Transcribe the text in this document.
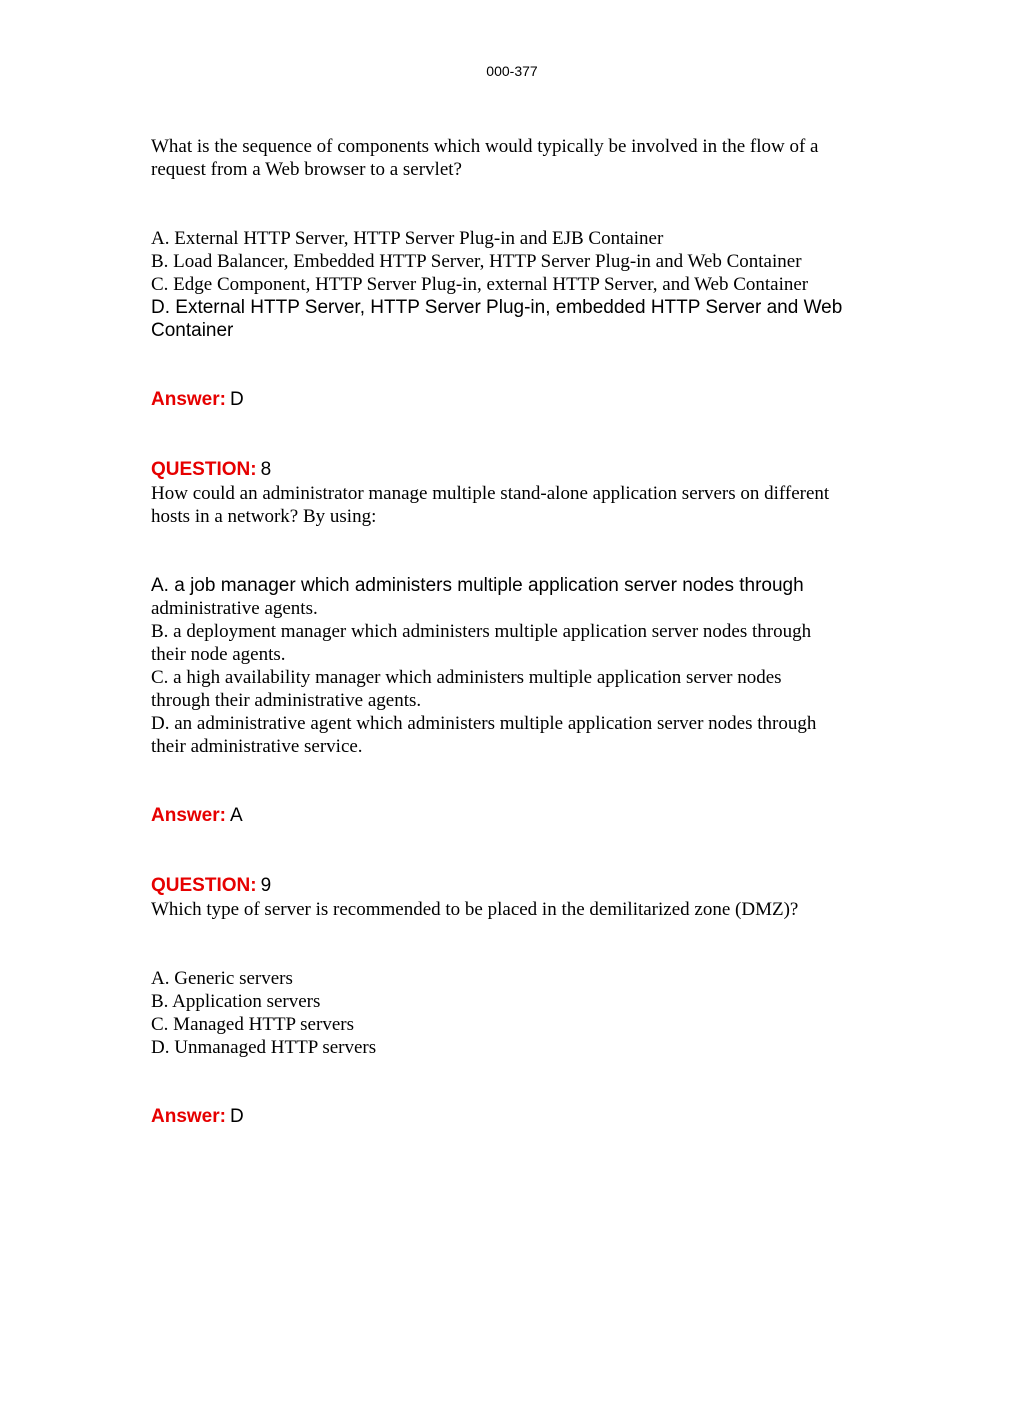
000-377
What is the sequence of components which would typically be involved in the flow of a
request from a Web browser to a servlet?
A. External HTTP Server, HTTP Server Plug-in and EJB Container
B. Load Balancer, Embedded HTTP Server, HTTP Server Plug-in and Web Container
C. Edge Component, HTTP Server Plug-in, external HTTP Server, and Web Container
D. External HTTP Server, HTTP Server Plug-in, embedded HTTP Server and Web
Container
Answer: D
QUESTION: 8
How could an administrator manage multiple stand-alone application servers on different
hosts in a network? By using:
A. a job manager which administers multiple application server nodes through
administrative agents.
B. a deployment manager which administers multiple application server nodes through
their node agents.
C. a high availability manager which administers multiple application server nodes
through their administrative agents.
D. an administrative agent which administers multiple application server nodes through
their administrative service.
Answer: A
QUESTION: 9
Which type of server is recommended to be placed in the demilitarized zone (DMZ)?
A. Generic servers
B. Application servers
C. Managed HTTP servers
D. Unmanaged HTTP servers
Answer: D
